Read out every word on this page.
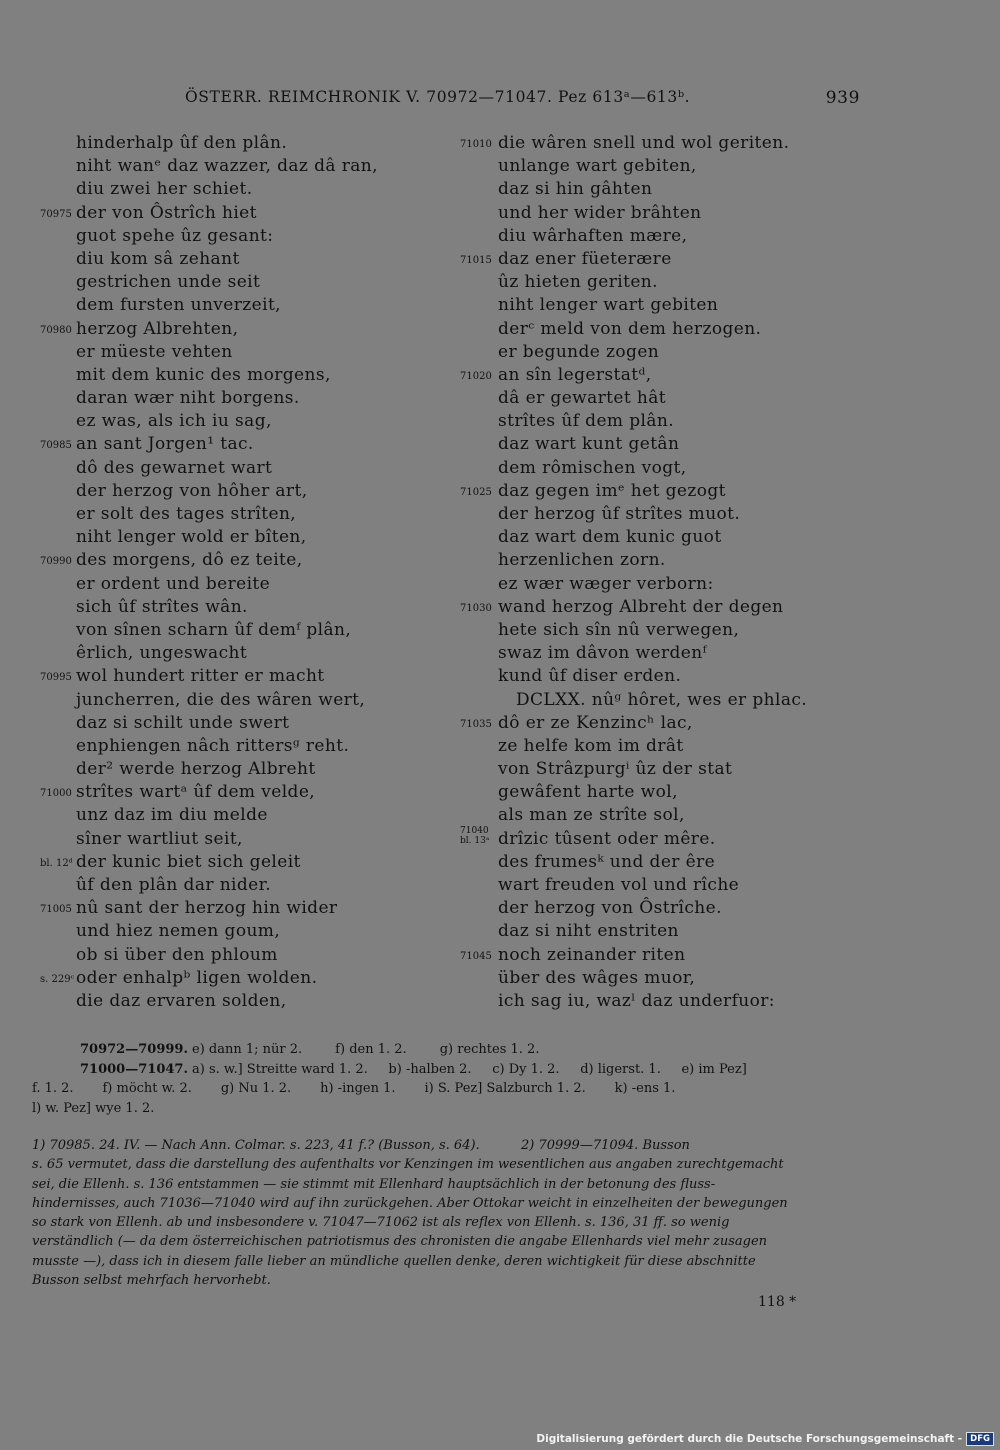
ÖSTERR. REIMCHRONIK V. 70972—71047. Pez 613ᵃ—613ᵇ.	939
hinderhalp ûf den plân.
niht wanᵉ daz wazzer, daz dâ ran,
diu zwei her schiet.
70975 der von Ôstrîch hiet
guot spehe ûz gesant:
diu kom sâ zehant
gestrichen unde seit
dem fursten unverzeit,
70980 herzog Albrehten,
er müeste vehten
mit dem kunic des morgens,
daran wær niht borgens.
ez was, als ich iu sag,
70985 an sant Jorgen¹ tac.
dô des gewarnet wart
der herzog von hôher art,
er solt des tages strîten,
niht lenger wold er bîten,
70990 des morgens, dô ez teite,
er ordent und bereite
sich ûf strîtes wân.
von sînen scharn ûf demᶠ plân,
êrlich, ungeswacht
70995 wol hundert ritter er macht
juncherren, die des wâren wert,
daz si schilt unde swert
enphiengen nâch rittersᵍ reht.
der² werde herzog Albreht
71000 strîtes wartᵃ ûf dem velde,
unz daz im diu melde
sîner wartliut seit,
bl. 12ᵈ der kunic biet sich geleit
ûf den plân dar nider.
71005 nû sant der herzog hin wider
und hiez nemen goum,
ob si über den phloum
s. 229ᶜ oder enhalpᵇ ligen wolden.
die daz ervaren solden,
71010 die wâren snell und wol geriten.
unlange wart gebiten,
daz si hin gâhten
und her wider brâhten
diu wârhaften mære,
71015 daz ener füeterære
ûz hieten geriten.
niht lenger wart gebiten
derᶜ meld von dem herzogen.
er begunde zogen
71020 an sîn legerstatᵈ,
dâ er gewartet hât
strîtes ûf dem plân.
daz wart kunt getân
dem rômischen vogt,
71025 daz gegen imᵉ het gezogt
der herzog ûf strîtes muot.
daz wart dem kunic guot
herzenlichen zorn.
ez wær wæger verborn:
71030 wand herzog Albreht der degen
hete sich sîn nû verwegen,
swaz im dâvon werdenᶠ
kund ûf diser erden.
DCLXX. nûᵍ hôret, wes er phlac.
71035 dô er ze Kenzincʰ lac,
ze helfe kom im drât
von Strâzpurgⁱ ûz der stat
gewâfent harte wol,
als man ze strîte sol,
71040
bl. 13ᵃ drîzic tûsent oder mêre.
des frumesᵏ und der êre
wart freuden vol und rîche
der herzog von Ôstrîche.
daz si niht enstriten
71045 noch zeinander riten
über des wâges muor,
ich sag iu, wazˡ daz underfuor:
70972—70999. e) dann 1; nür 2.        f) den 1. 2.        g) rechtes 1. 2.
71000—71047. a) s. w.] Streitte ward 1. 2.     b) -halben 2.     c) Dy 1. 2.     d) ligerst. 1.     e) im Pez]
f. 1. 2.       f) möcht w. 2.       g) Nu 1. 2.       h) -ingen 1.       i) S. Pez] Salzburch 1. 2.       k) -ens 1.
l) w. Pez] wye 1. 2.
1) 70985. 24. IV. — Nach Ann. Colmar. s. 223, 41 f.? (Busson, s. 64).          2) 70999—71094. Busson
s. 65 vermutet, dass die darstellung des aufenthalts vor Kenzingen im wesentlichen aus angaben zurechtgemacht
sei, die Ellenh. s. 136 entstammen — sie stimmt mit Ellenhard hauptsächlich in der betonung des fluss-
hindernisses, auch 71036—71040 wird auf ihn zurückgehen. Aber Ottokar weicht in einzelheiten der bewegungen
so stark von Ellenh. ab und insbesondere v. 71047—71062 ist als reflex von Ellenh. s. 136, 31 ff. so wenig
verständlich (— da dem österreichischen patriotismus des chronisten die angabe Ellenhards viel mehr zusagen
musste —), dass ich in diesem falle lieber an mündliche quellen denke, deren wichtigkeit für diese abschnitte
Busson selbst mehrfach hervorhebt.
118 *
Digitalisierung gefördert durch die Deutsche Forschungsgemeinschaft - DFG
